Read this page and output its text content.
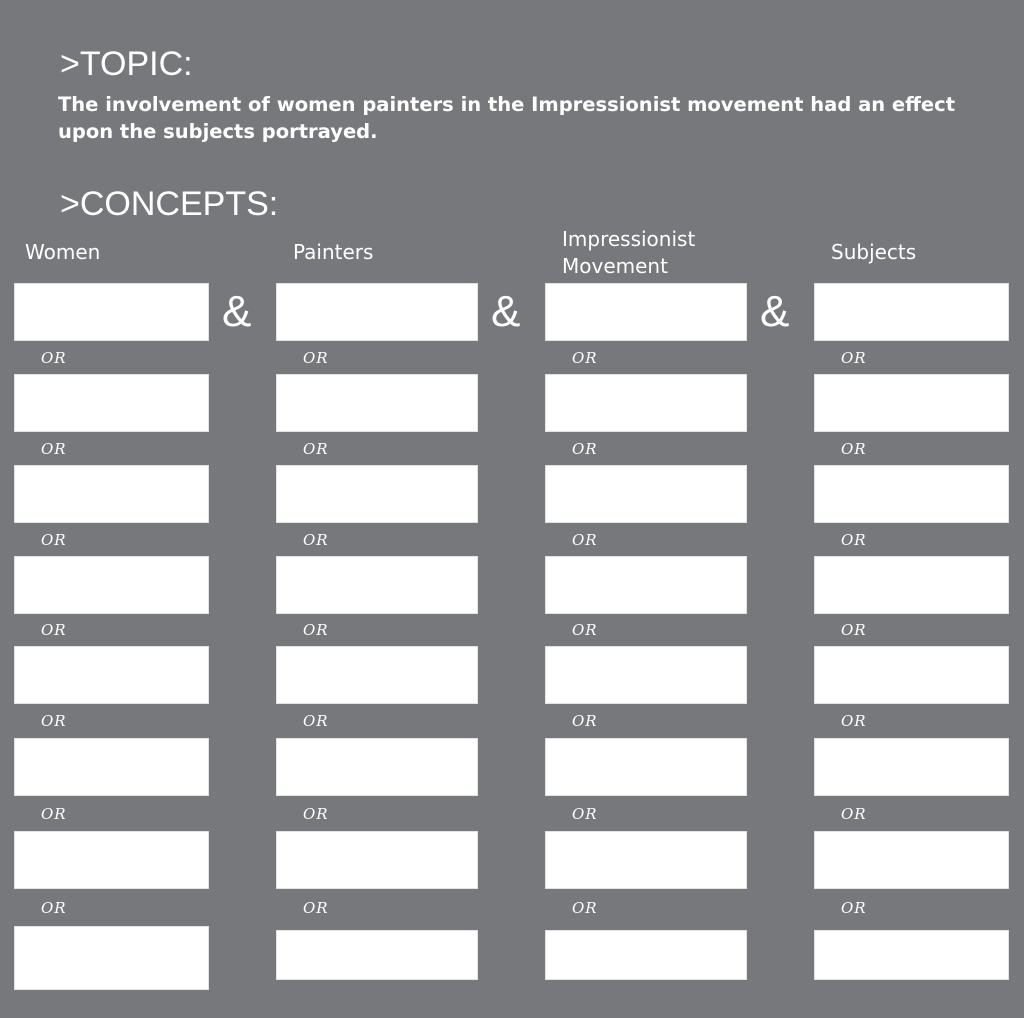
>TOPIC:
The involvement of women painters in the Impressionist movement had an effect upon the subjects portrayed.
>CONCEPTS:
Women
OR
OR
OR
OR
OR
OR
OR
Painters
OR
OR
OR
OR
OR
OR
OR
Impressionist
Movement
OR
OR
OR
OR
OR
OR
OR
Subjects
OR
OR
OR
OR
OR
OR
OR
&	&	&
